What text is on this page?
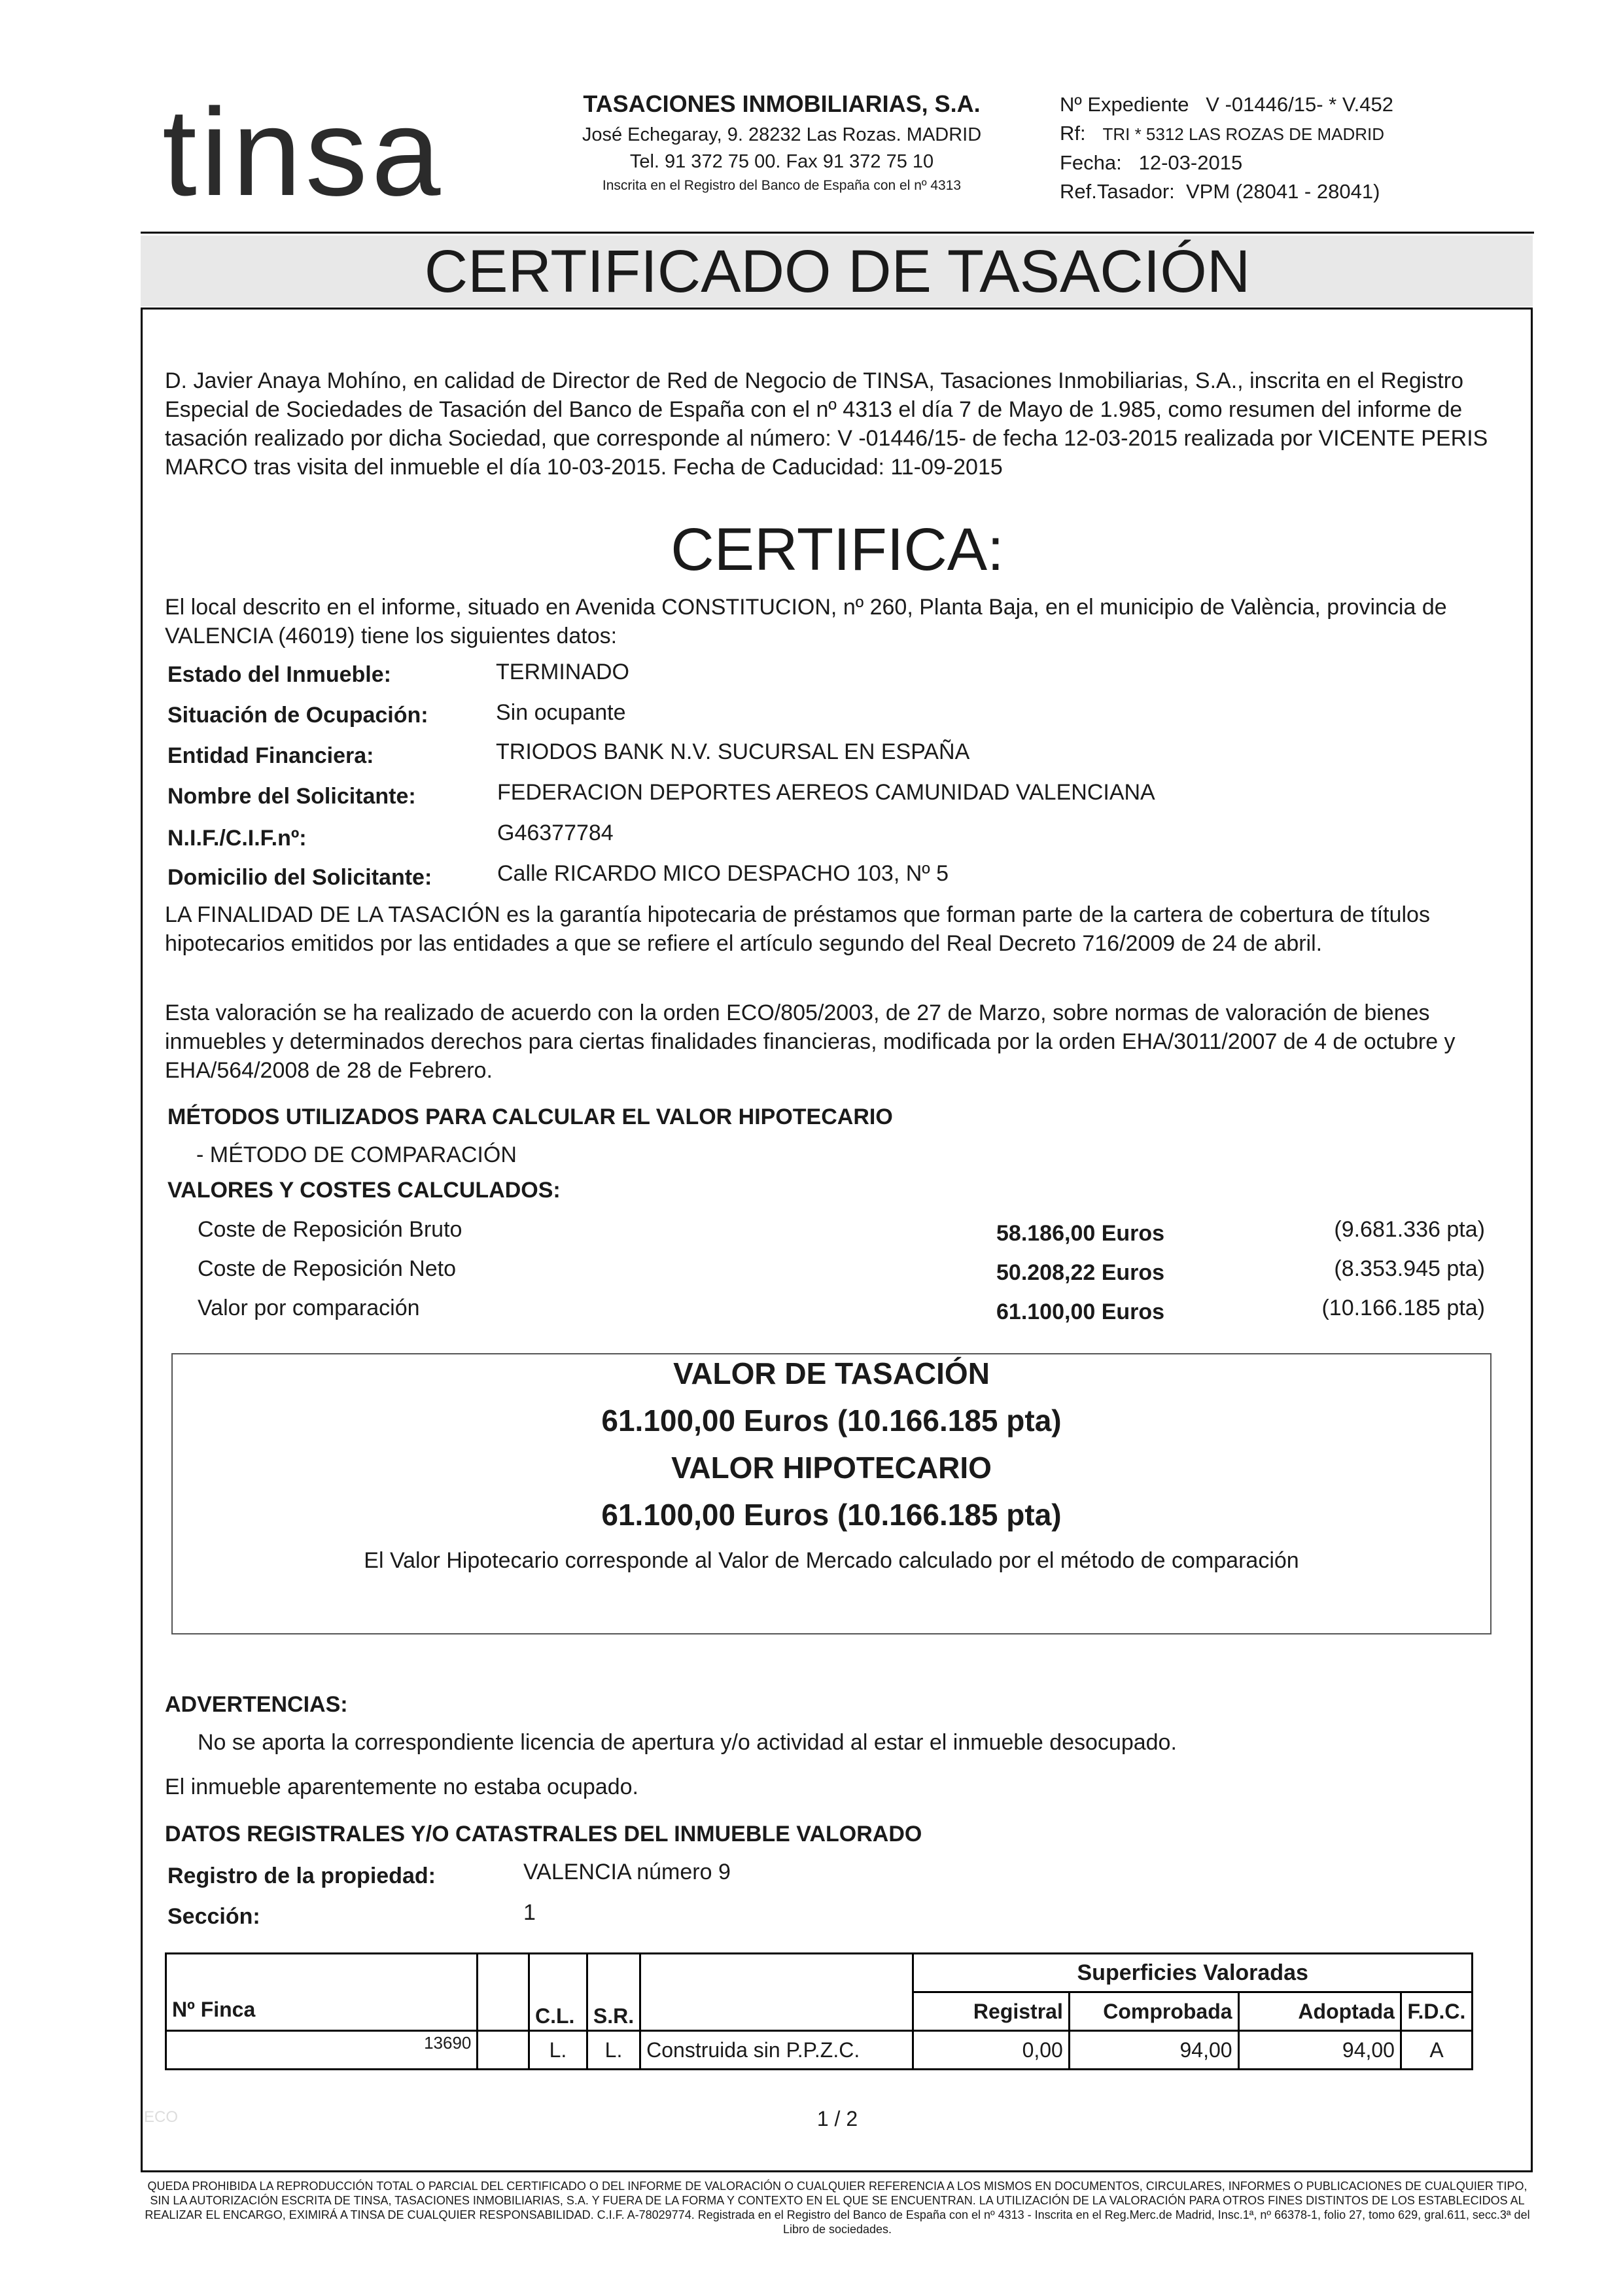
tinsa	TASACIONES INMOBILIARIAS, S.A.
José Echegaray, 9. 28232 Las Rozas. MADRID
Tel. 91 372 75 00. Fax 91 372 75 10
Inscrita en el Registro del Banco de España con el nº 4313
Nº Expediente V -01446/15- * V.452
Rf: TRI * 5312 LAS ROZAS DE MADRID
Fecha: 12-03-2015
Ref.Tasador: VPM (28041 - 28041)
CERTIFICADO DE TASACIÓN
D. Javier Anaya Mohíno, en calidad de Director de Red de Negocio de TINSA, Tasaciones Inmobiliarias, S.A., inscrita en el Registro Especial de Sociedades de Tasación del Banco de España con el nº 4313 el día 7 de Mayo de 1.985, como resumen del informe de tasación realizado por dicha Sociedad, que corresponde al número: V -01446/15- de fecha 12-03-2015 realizada por VICENTE PERIS MARCO tras visita del inmueble el día 10-03-2015. Fecha de Caducidad: 11-09-2015
CERTIFICA:
El local descrito en el informe, situado en Avenida CONSTITUCION, nº 260, Planta Baja, en el municipio de València, provincia de VALENCIA (46019) tiene los siguientes datos:
Estado del Inmueble:	TERMINADO
Situación de Ocupación:	Sin ocupante
Entidad Financiera:	TRIODOS BANK N.V. SUCURSAL EN ESPAÑA
Nombre del Solicitante:	FEDERACION DEPORTES AEREOS CAMUNIDAD VALENCIANA
N.I.F./C.I.F.nº:	G46377784
Domicilio del Solicitante:	Calle RICARDO MICO DESPACHO 103, Nº 5
LA FINALIDAD DE LA TASACIÓN es la garantía hipotecaria de préstamos que forman parte de la cartera de cobertura de títulos hipotecarios emitidos por las entidades a que se refiere el artículo segundo del Real Decreto 716/2009 de 24 de abril.
Esta valoración se ha realizado de acuerdo con la orden ECO/805/2003, de 27 de Marzo, sobre normas de valoración de bienes inmuebles y determinados derechos para ciertas finalidades financieras, modificada por la orden EHA/3011/2007 de 4 de octubre y EHA/564/2008 de 28 de Febrero.
MÉTODOS UTILIZADOS PARA CALCULAR EL VALOR HIPOTECARIO
- MÉTODO DE COMPARACIÓN
VALORES Y COSTES CALCULADOS:
Coste de Reposición Bruto	58.186,00 Euros	(9.681.336 pta)
Coste de Reposición Neto	50.208,22 Euros	(8.353.945 pta)
Valor por comparación	61.100,00 Euros	(10.166.185 pta)
VALOR DE TASACIÓN
61.100,00 Euros (10.166.185 pta)
VALOR HIPOTECARIO
61.100,00 Euros (10.166.185 pta)
El Valor Hipotecario corresponde al Valor de Mercado calculado por el método de comparación
ADVERTENCIAS:
No se aporta la correspondiente licencia de apertura y/o actividad al estar el inmueble desocupado.
El inmueble aparentemente no estaba ocupado.
DATOS REGISTRALES Y/O CATASTRALES DEL INMUEBLE VALORADO
Registro de la propiedad:	VALENCIA número 9
Sección:	1
Nº Finca		C.L.	S.R.		Superficies Valoradas			
					Registral	Comprobada	Adoptada	F.D.C.
13690		L.	L.	Construida sin P.P.Z.C.	0,00	94,00	94,00	A
ECO	1 / 2
QUEDA PROHIBIDA LA REPRODUCCIÓN TOTAL O PARCIAL DEL CERTIFICADO O DEL INFORME DE VALORACIÓN O CUALQUIER REFERENCIA A LOS MISMOS EN DOCUMENTOS, CIRCULARES, INFORMES O PUBLICACIONES DE CUALQUIER TIPO, SIN LA AUTORIZACIÓN ESCRITA DE TINSA, TASACIONES INMOBILIARIAS, S.A. Y FUERA DE LA FORMA Y CONTEXTO EN EL QUE SE ENCUENTRAN. LA UTILIZACIÓN DE LA VALORACIÓN PARA OTROS FINES DISTINTOS DE LOS ESTABLECIDOS AL REALIZAR EL ENCARGO, EXIMIRÁ A TINSA DE CUALQUIER RESPONSABILIDAD. C.I.F. A-78029774. Registrada en el Registro del Banco de España con el nº 4313 - Inscrita en el Reg.Merc.de Madrid, Insc.1ª, nº 66378-1, folio 27, tomo 629, gral.611, secc.3ª del Libro de sociedades.
